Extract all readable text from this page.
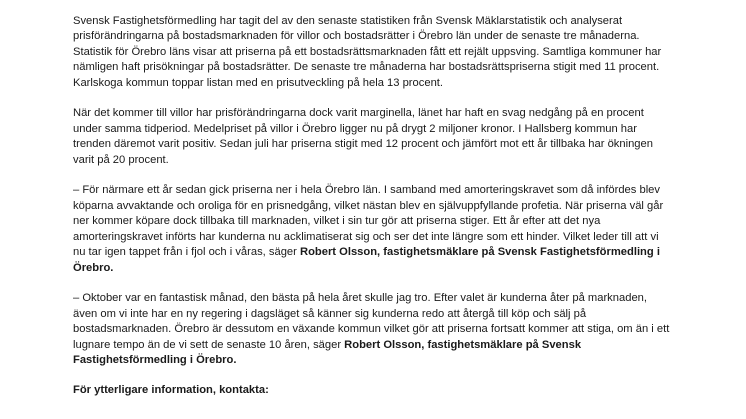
Svensk Fastighetsförmedling har tagit del av den senaste statistiken från Svensk Mäklarstatistik och analyserat prisförändringarna på bostadsmarknaden för villor och bostadsrätter i Örebro län under de senaste tre månaderna. Statistik för Örebro läns visar att priserna på ett bostadsrättsmarknaden fått ett rejält uppsving. Samtliga kommuner har nämligen haft prisökningar på bostadsrätter. De senaste tre månaderna har bostadsrättspriserna stigit med 11 procent. Karlskoga kommun toppar listan med en prisutveckling på hela 13 procent.

När det kommer till villor har prisförändringarna dock varit marginella, länet har haft en svag nedgång på en procent under samma tidperiod. Medelpriset på villor i Örebro ligger nu på drygt 2 miljoner kronor. I Hallsberg kommun har trenden däremot varit positiv. Sedan juli har priserna stigit med 12 procent och jämfört mot ett år tillbaka har ökningen varit på 20 procent.

– För närmare ett år sedan gick priserna ner i hela Örebro län. I samband med amorteringskravet som då infördes blev köparna avvaktande och oroliga för en prisnedgång, vilket nästan blev en självuppfyllande profetia. När priserna väl går ner kommer köpare dock tillbaka till marknaden, vilket i sin tur gör att priserna stiger. Ett år efter att det nya amorteringskravet införts har kunderna nu acklimatiserat sig och ser det inte längre som ett hinder. Vilket leder till att vi nu tar igen tappet från i fjol och i våras, säger Robert Olsson, fastighetsmäklare på Svensk Fastighetsförmedling i Örebro.

– Oktober var en fantastisk månad, den bästa på hela året skulle jag tro. Efter valet är kunderna åter på marknaden, även om vi inte har en ny regering i dagsläget så känner sig kunderna redo att återgå till köp och sälj på bostadsmarknaden. Örebro är dessutom en växande kommun vilket gör att priserna fortsatt kommer att stiga, om än i ett lugnare tempo än de vi sett de senaste 10 åren, säger Robert Olsson, fastighetsmäklare på Svensk Fastighetsförmedling i Örebro.

För ytterligare information, kontakta:
